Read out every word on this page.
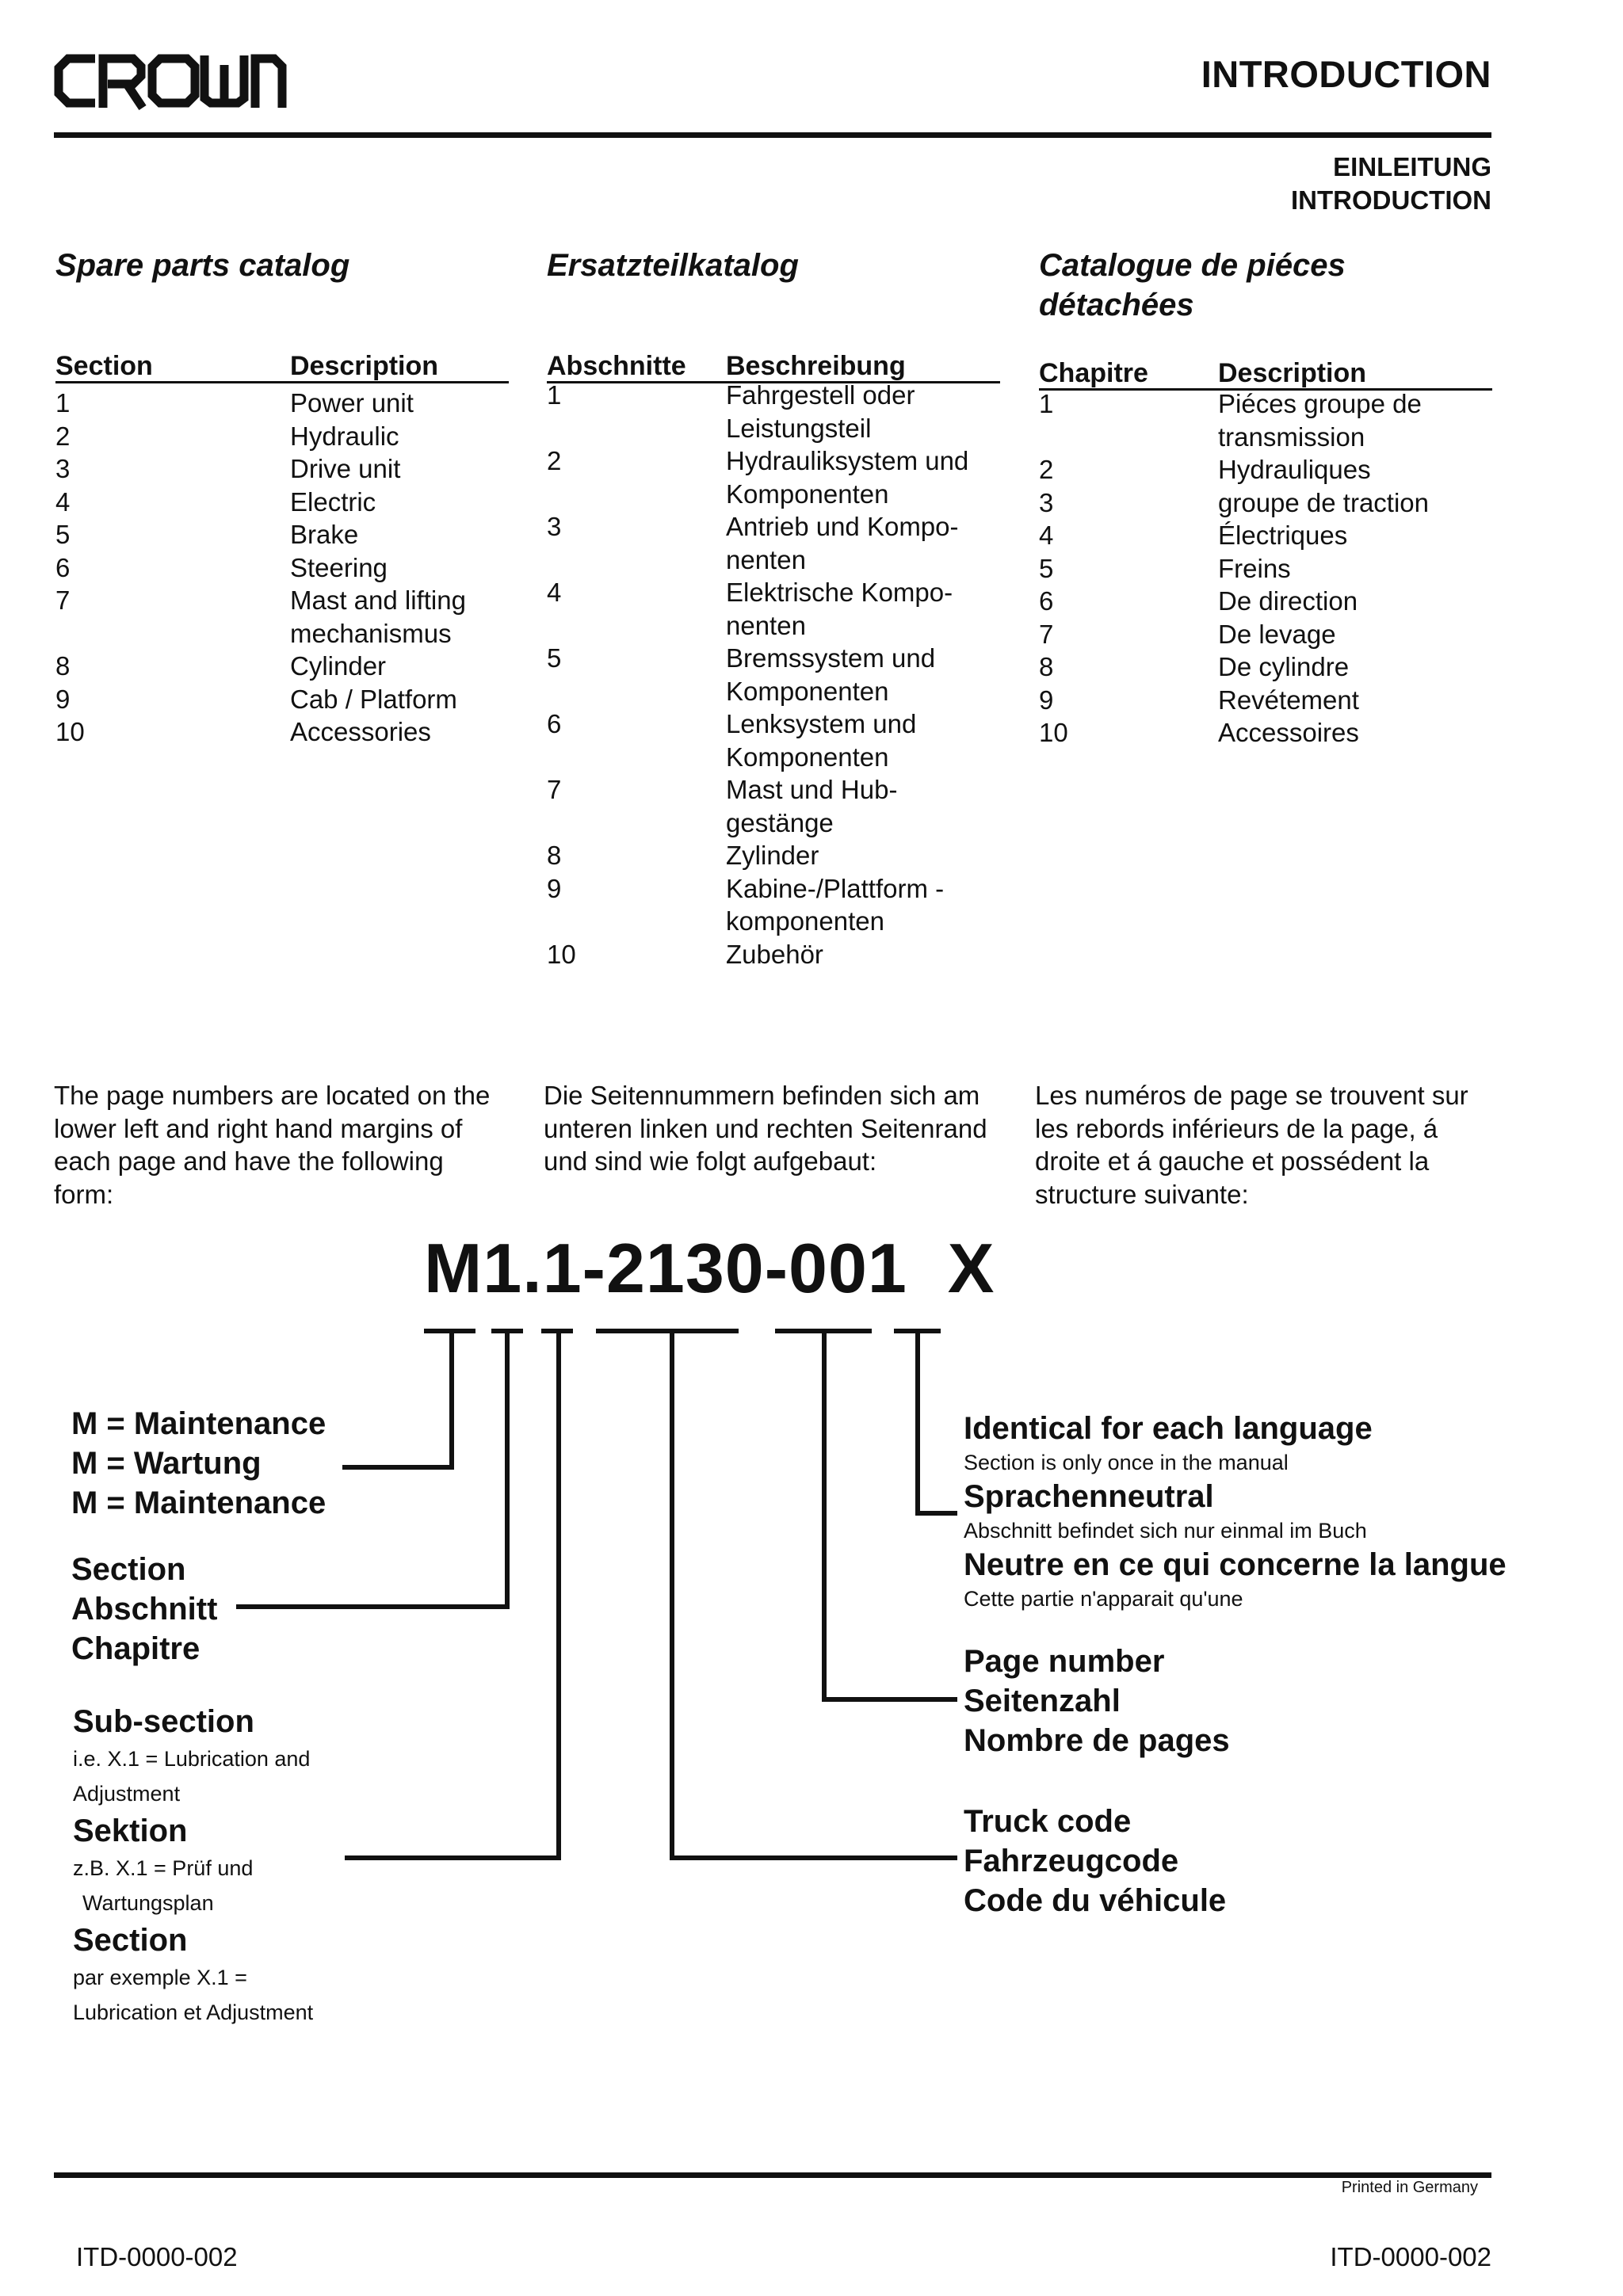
INTRODUCTION
EINLEITUNG
INTRODUCTION
Spare parts catalog
Section	Description
1	Power unit
2	Hydraulic
3	Drive unit
4	Electric
5	Brake
6	Steering
7	Mast and lifting
mechanismus
8	Cylinder
9	Cab / Platform
10	Accessories
The page numbers are located on the
lower left and right hand margins of
each page and have the following
form:
Ersatzteilkatalog
Abschnitte	Beschreibung
1	Fahrgestell oder
Leistungsteil
2	Hydrauliksystem und
Komponenten
3	Antrieb und Kompo-
nenten
4	Elektrische Kompo-
nenten
5	Bremssystem und
Komponenten
6	Lenksystem und
Komponenten
7	Mast und Hub-
gestänge
8	Zylinder
9	Kabine-/Plattform -
komponenten
10	Zubehör
Die Seitennummern befinden sich am
unteren linken und rechten Seitenrand
und sind wie folgt aufgebaut:
Catalogue de piéces
détachées
Chapitre	Description
1	Piéces groupe de
transmission
2	Hydrauliques
3	groupe de traction
4	Électriques
5	Freins
6	De direction
7	De levage
8	De cylindre
9	Revétement
10	Accessoires
Les numéros de page se trouvent sur
les rebords inférieurs de la page, á
droite et á gauche et possédent la
structure suivante:
M1.1-2130-001  X
M = Maintenance
M = Wartung
M = Maintenance
Section
Abschnitt
Chapitre
Sub-section
i.e. X.1 = Lubrication and
Adjustment
Sektion
z.B. X.1 = Prüf und
Wartungsplan
Section
par exemple X.1 =
Lubrication et Adjustment
Identical for each language
Section is only once in the manual
Sprachenneutral
Abschnitt befindet sich nur einmal im Buch
Neutre en ce qui concerne la langue
Cette partie n'apparait qu'une
Page number
Seitenzahl
Nombre de pages
Truck code
Fahrzeugcode
Code du véhicule
Printed in Germany
ITD-0000-002	ITD-0000-002
